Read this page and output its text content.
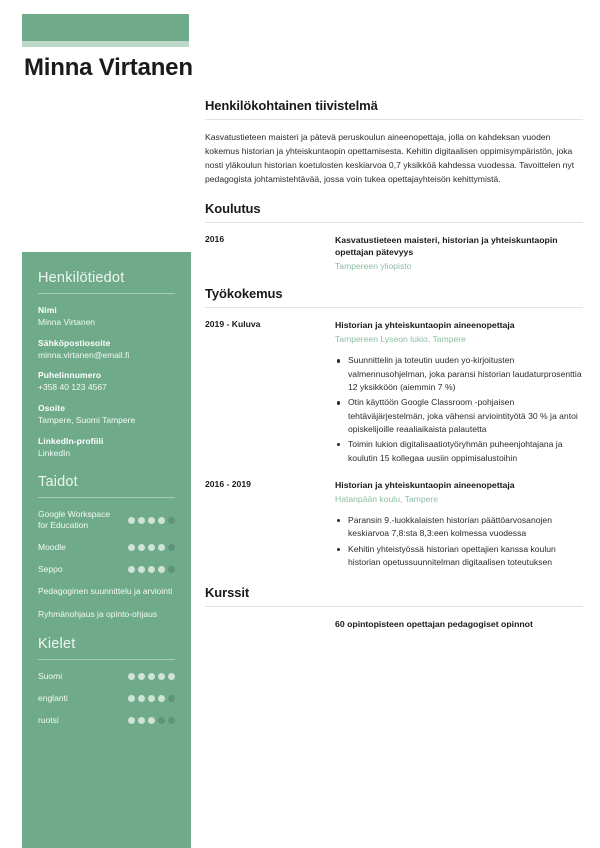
Minna Virtanen
Henkilötiedot
Nimi
Minna Virtanen
Sähköpostiosoite
minna.virtanen@email.fi
Puhelinnumero
+358 40 123 4567
Osoite
Tampere, Suomi Tampere
LinkedIn-profiili
LinkedIn
Taidot
Google Workspace for Education
Moodle
Seppo
Pedagoginen suunnittelu ja arviointi
Ryhmänohjaus ja opinto-ohjaus
Kielet
Suomi
englanti
ruotsi
Henkilökohtainen tiivistelmä

Kasvatustieteen maisteri ja pätevä peruskoulun aineenopettaja, jolla on kahdeksan vuoden kokemus historian ja yhteiskuntaopin opettamisesta. Kehitin digitaalisen oppimisympäristön, joka nosti yläkoulun historian koetulosten keskiarvoa 0,7 yksikköä kahdessa vuodessa. Tavoittelen nyt pedagogista johtamistehtävää, jossa voin tukea opettajayhteisön kehittymistä.

Koulutus
2016	Kasvatustieteen maisteri, historian ja yhteiskuntaopin opettajan pätevyys
Tampereen yliopisto
Työkokemus
2019 - Kuluva	Historian ja yhteiskuntaopin aineenopettaja
Tampereen Lyseon lukio, Tampere
Suunnittelin ja toteutin uuden yo-kirjoitusten valmennusohjelman, joka paransi historian laudaturprosenttia 12 yksikköön (aiemmin 7 %)
Otin käyttöön Google Classroom -pohjaisen tehtäväjärjestelmän, joka vähensi arviointityötä 30 % ja antoi opiskelijoille reaaliaikaista palautetta
Toimin lukion digitalisaatiotyöryhmän puheenjohtajana ja koulutin 15 kollegaa uusiin oppimisalustoihin
2016 - 2019	Historian ja yhteiskuntaopin aineenopettaja
Hatanpään koulu, Tampere
Paransin 9.-luokkalaisten historian päättöarvosanojen keskiarvoa 7,8:sta 8,3:een kolmessa vuodessa
Kehitin yhteistyössä historian opettajien kanssa koulun historian opetussuunnitelman digitaalisen toteutuksen
Kurssit
60 opintopisteen opettajan pedagogiset opinnot
